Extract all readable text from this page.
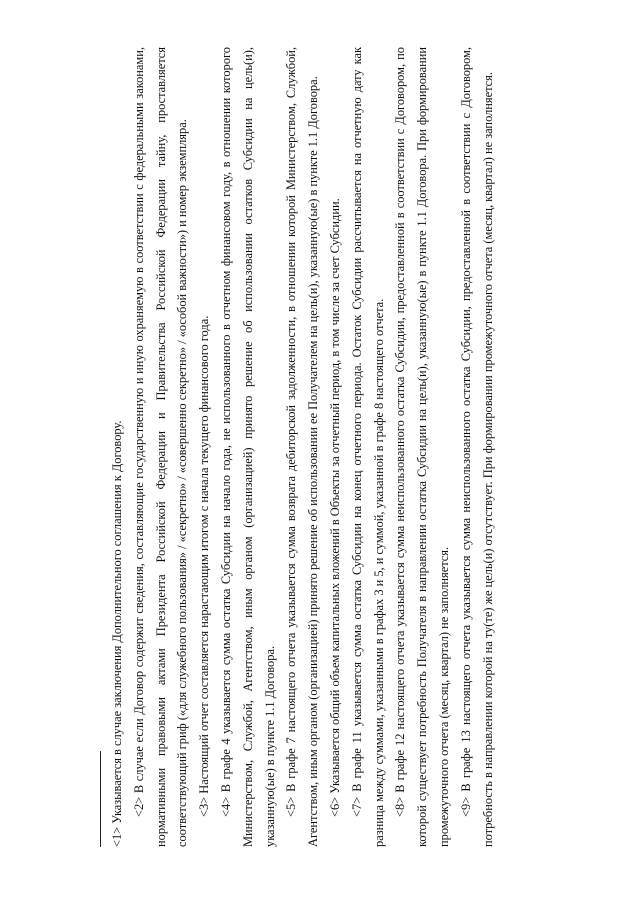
<1> Указывается в случае заключения Дополнительного соглашения к Договору. <2> В случае если Договор содержит сведения, составляющие государственную и иную охраняемую в соответствии с федеральными законами, нормативными правовыми актами Президента Российской Федерации и Правительства Российской Федерации тайну, проставляется соответствующий гриф («для служебного пользования» / «секретно» / «совершенно секретно» / «особой важности») и номер экземпляра. <3> Настоящий отчет составляется нарастающим итогом с начала текущего финансового года. <4> В графе 4 указывается сумма остатка Субсидии на начало года, не использованного в отчетном финансовом году, в отношении которого Министерством, Службой, Агентством, иным органом (организацией) принято решение об использовании остатков Субсидии на цель(и), указанную(ые) в пункте 1.1 Договора. <5> В графе 7 настоящего отчета указывается сумма возврата дебиторской задолженности, в отношении которой Министерством, Службой, Агентством, иным органом (организацией) принято решение об использовании ее Получателем на цель(и), указанную(ые) в пункте 1.1 Договора. <6> Указывается общий объем капитальных вложений в Объекты за отчетный период, в том числе за счет Субсидии. <7> В графе 11 указывается сумма остатка Субсидии на конец отчетного периода. Остаток Субсидии рассчитывается на отчетную дату как разница между суммами, указанными в графах 3 и 5, и суммой, указанной в графе 8 настоящего отчета. <8> В графе 12 настоящего отчета указывается сумма неиспользованного остатка Субсидии, предоставленной в соответствии с Договором, по которой существует потребность Получателя в направлении остатка Субсидии на цель(и), указанную(ые) в пункте 1.1 Договора. При формировании промежуточного отчета (месяц, квартал) не заполняется. <9> В графе 13 настоящего отчета указывается сумма неиспользованного остатка Субсидии, предоставленной в соответствии с Договором, потребность в направлении которой на ту(те) же цель(и) отсутствует. При формировании промежуточного отчета (месяц, квартал) не заполняется.
